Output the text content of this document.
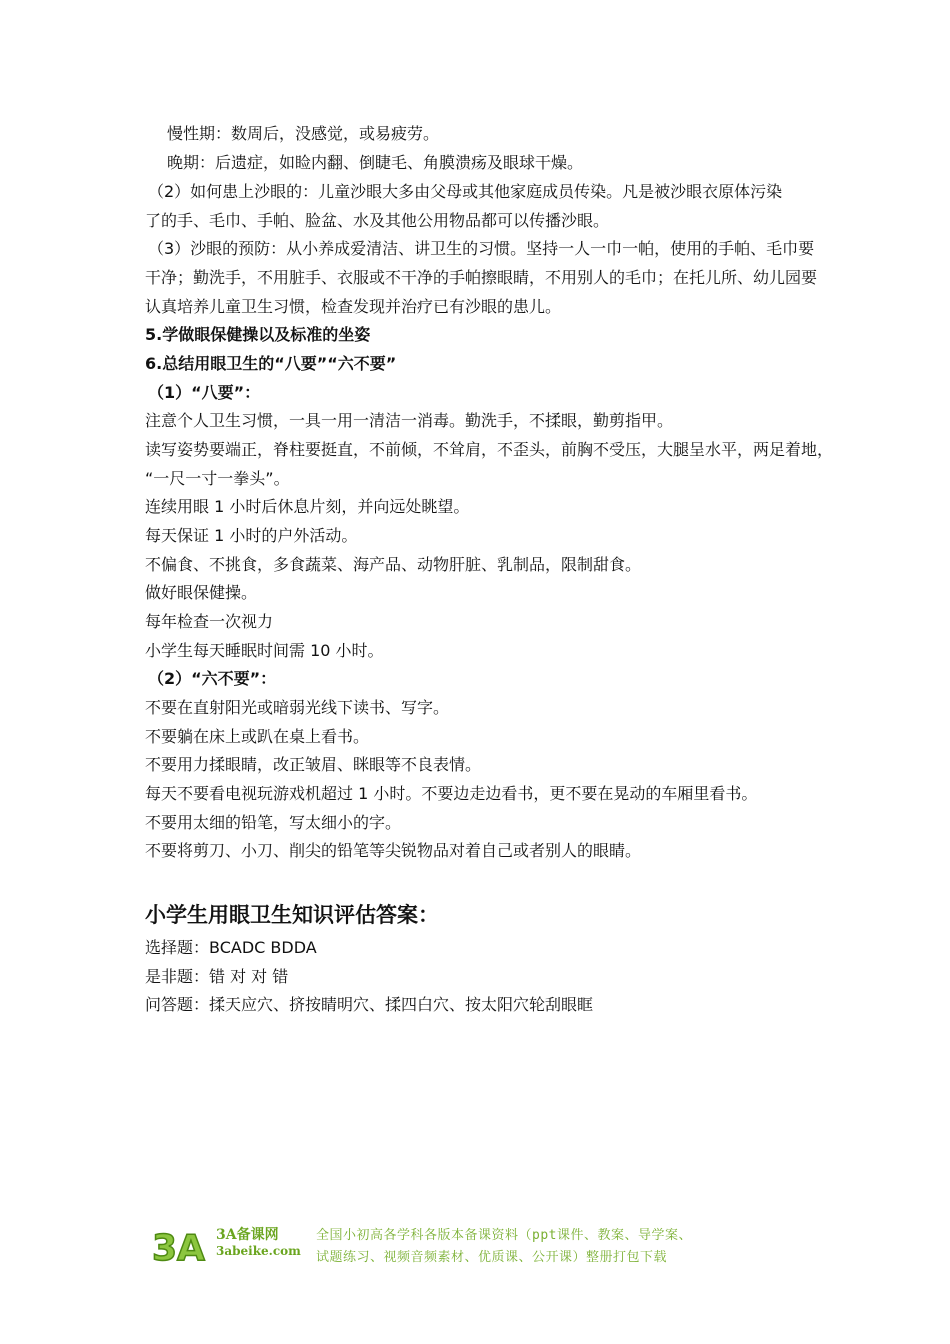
慢性期：数周后，没感觉，或易疲劳。
晚期：后遗症，如睑内翻、倒睫毛、角膜溃疡及眼球干燥。
（2）如何患上沙眼的：儿童沙眼大多由父母或其他家庭成员传染。凡是被沙眼衣原体污染
了的手、毛巾、手帕、脸盆、水及其他公用物品都可以传播沙眼。
（3）沙眼的预防：从小养成爱清洁、讲卫生的习惯。坚持一人一巾一帕，使用的手帕、毛巾要
干净；勤洗手，不用脏手、衣服或不干净的手帕擦眼睛，不用别人的毛巾；在托儿所、幼儿园要
认真培养儿童卫生习惯，检查发现并治疗已有沙眼的患儿。
5.学做眼保健操以及标准的坐姿
6.总结用眼卫生的“八要”“六不要”
（1）“八要”：
注意个人卫生习惯，一具一用一清洁一消毒。勤洗手，不揉眼，勤剪指甲。
读写姿势要端正，脊柱要挺直，不前倾，不耸肩，不歪头，前胸不受压，大腿呈水平，两足着地，
“一尺一寸一拳头”。
连续用眼 1 小时后休息片刻，并向远处眺望。
每天保证 1 小时的户外活动。
不偏食、不挑食，多食蔬菜、海产品、动物肝脏、乳制品，限制甜食。
做好眼保健操。
每年检查一次视力
小学生每天睡眠时间需 10 小时。
（2）“六不要”：
不要在直射阳光或暗弱光线下读书、写字。
不要躺在床上或趴在桌上看书。
不要用力揉眼睛，改正皱眉、眯眼等不良表情。
每天不要看电视玩游戏机超过 1 小时。不要边走边看书，更不要在晃动的车厢里看书。
不要用太细的铅笔，写太细小的字。
不要将剪刀、小刀、削尖的铅笔等尖锐物品对着自己或者别人的眼睛。
小学生用眼卫生知识评估答案：
选择题：BCADC BDDA
是非题：错 对 对 错
问答题：揉天应穴、挤按睛明穴、揉四白穴、按太阳穴轮刮眼眶
3A 3A备课网
3abeike.com
全国小初高各学科各版本备课资料（ppt课件、教案、导学案、
试题练习、视频音频素材、优质课、公开课）整册打包下载
